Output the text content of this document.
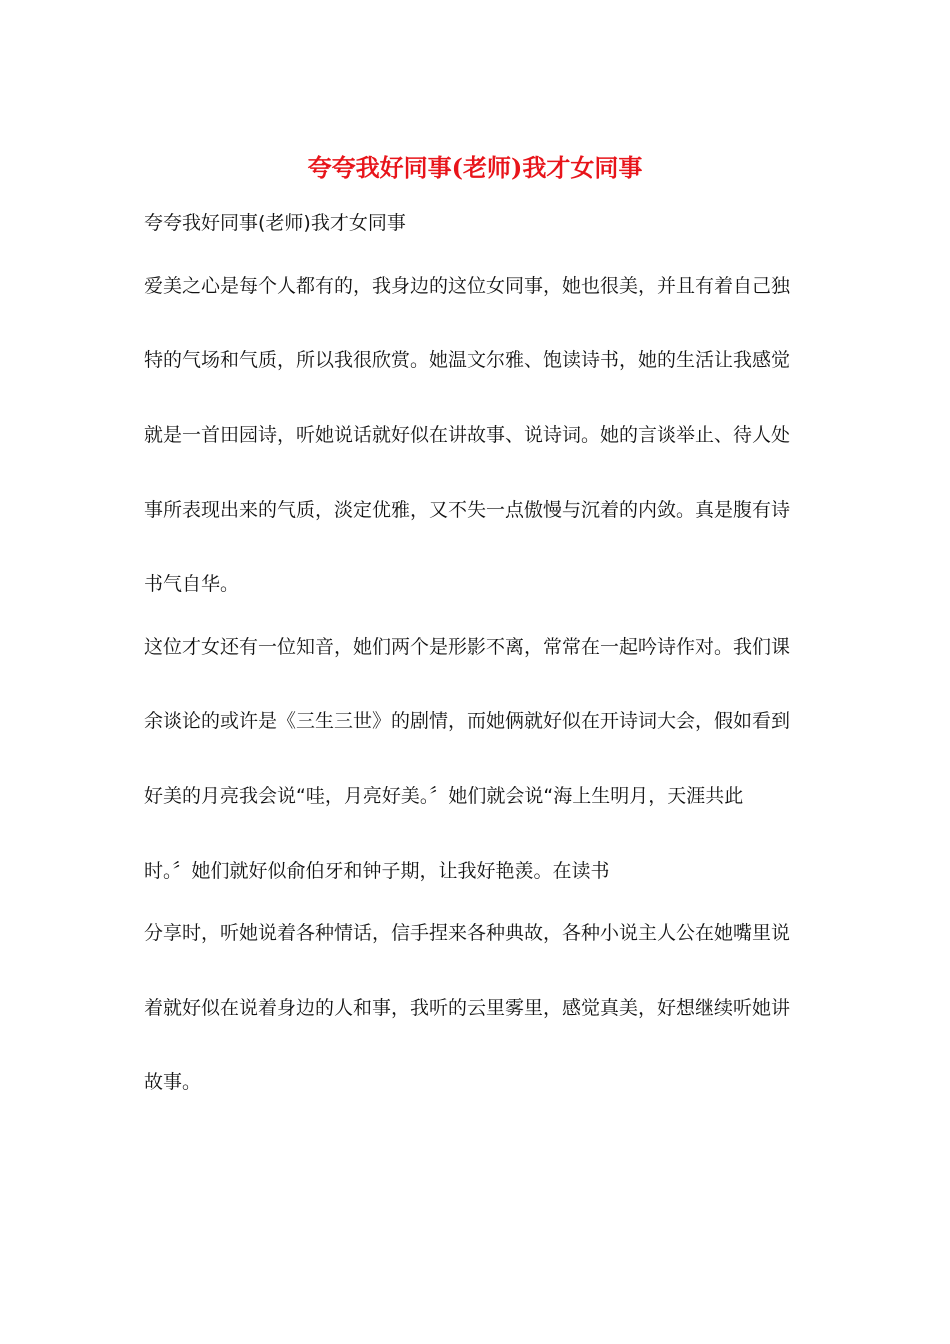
夸夸我好同事(老师)我才女同事
夸夸我好同事(老师)我才女同事
爱美之心是每个人都有的，我身边的这位女同事，她也很美，并且有着自己独
特的气场和气质，所以我很欣赏。她温文尔雅、饱读诗书，她的生活让我感觉
就是一首田园诗，听她说话就好似在讲故事、说诗词。她的言谈举止、待人处
事所表现出来的气质，淡定优雅，又不失一点傲慢与沉着的内敛。真是腹有诗
书气自华。
这位才女还有一位知音，她们两个是形影不离，常常在一起吟诗作对。我们课
余谈论的或许是《三生三世》的剧情，而她俩就好似在开诗词大会，假如看到
好美的月亮我会说“哇，月亮好美。〞她们就会说“海上生明月，天涯共此
时。〞她们就好似俞伯牙和钟子期，让我好艳羡。在读书
分享时，听她说着各种情话，信手捏来各种典故，各种小说主人公在她嘴里说
着就好似在说着身边的人和事，我听的云里雾里，感觉真美，好想继续听她讲
故事。
